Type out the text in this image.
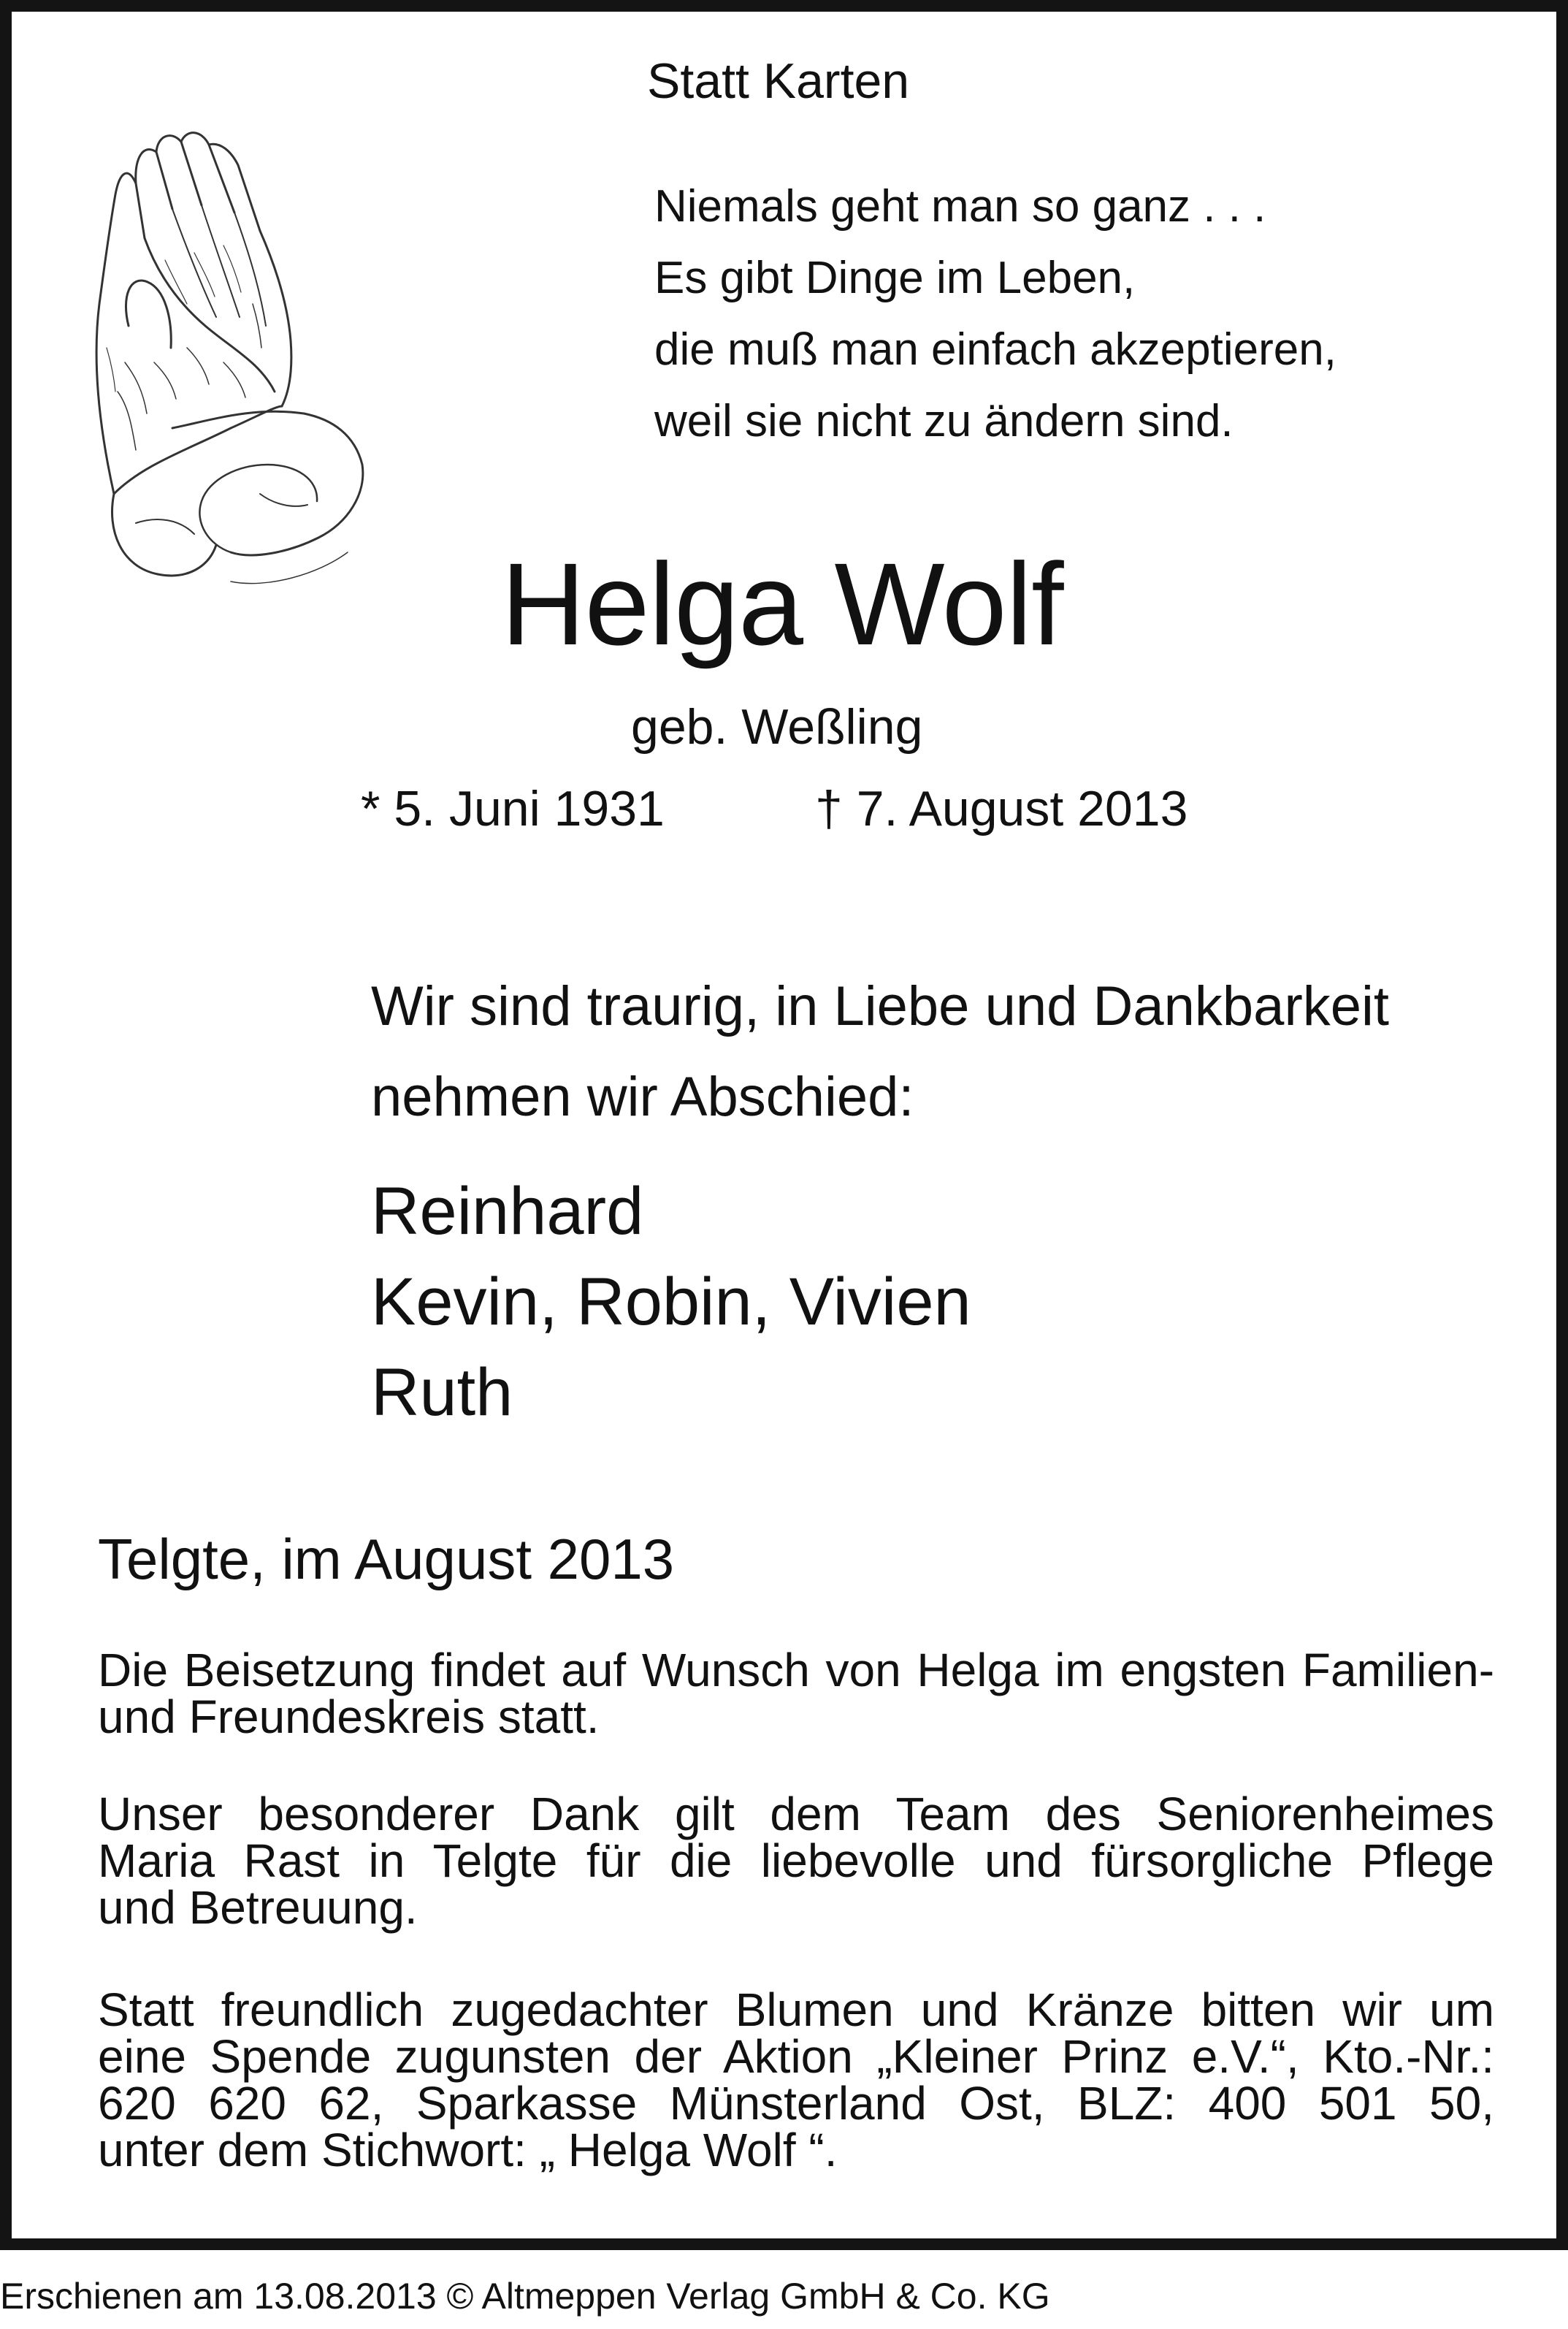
Statt Karten
Niemals geht man so ganz . . .
Es gibt Dinge im Leben,
die muß man einfach akzeptieren,
weil sie nicht zu ändern sind.
Helga Wolf
geb. Weßling
* 5. Juni 1931	† 7. August 2013
Wir sind traurig, in Liebe und Dankbarkeit
nehmen wir Abschied:
Reinhard
Kevin, Robin, Vivien
Ruth
Telgte, im August 2013
Die Beisetzung findet auf Wunsch von Helga im engsten Familien-
und Freundeskreis statt.
Unser besonderer Dank gilt dem Team des Seniorenheimes
Maria Rast in Telgte für die liebevolle und fürsorgliche Pflege
und Betreuung.
Statt freundlich zugedachter Blumen und Kränze bitten wir um
eine Spende zugunsten der Aktion „Kleiner Prinz e.V.“, Kto.-Nr.:
620 620 62, Sparkasse Münsterland Ost, BLZ: 400 501 50,
unter dem Stichwort: „ Helga Wolf “.
Erschienen am 13.08.2013 © Altmeppen Verlag GmbH & Co. KG
